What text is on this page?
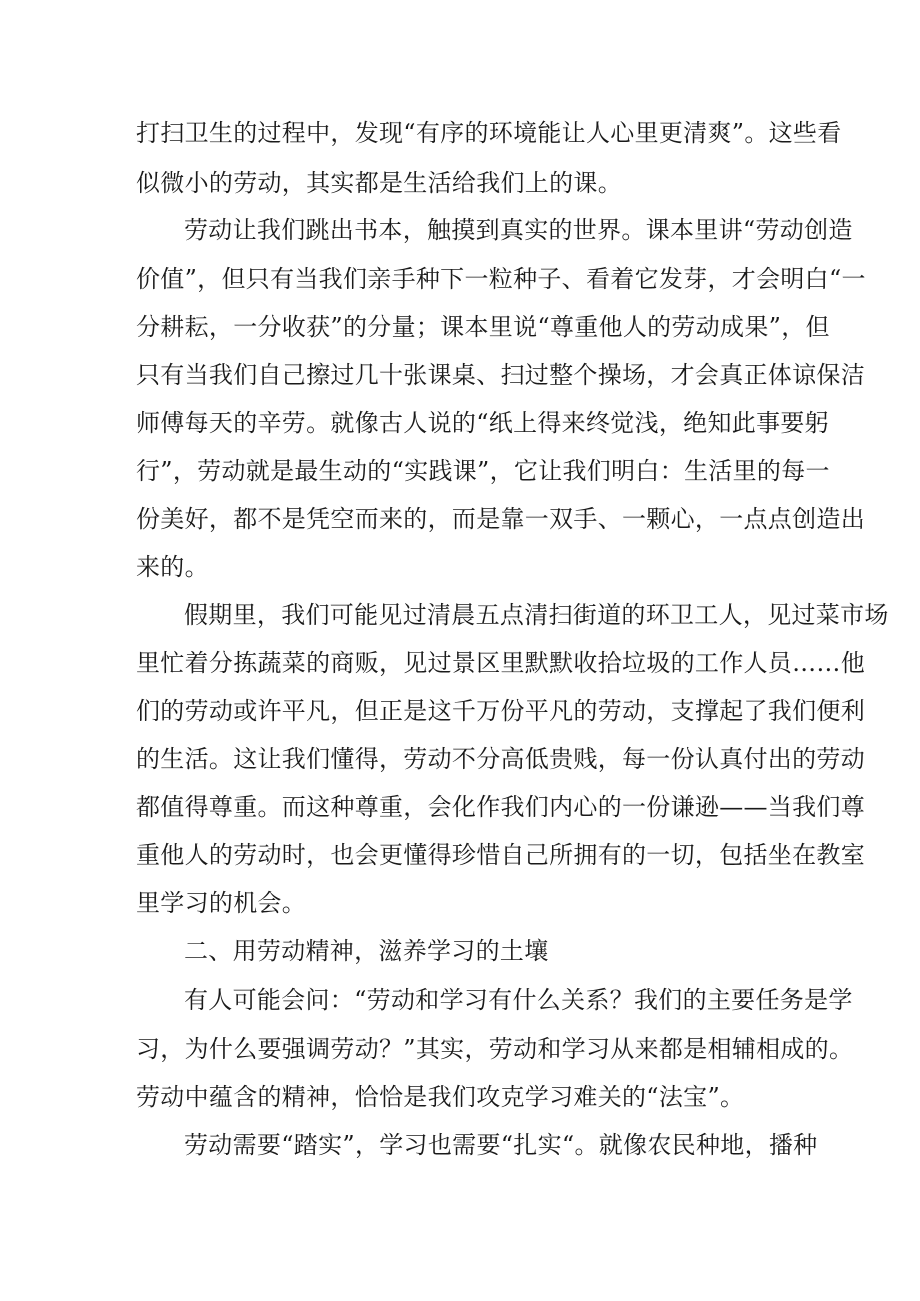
打扫卫生的过程中，发现“有序的环境能让人心里更清爽”。这些看
似微小的劳动，其实都是生活给我们上的课。
劳动让我们跳出书本，触摸到真实的世界。课本里讲“劳动创造
价值”，但只有当我们亲手种下一粒种子、看着它发芽，才会明白“一
分耕耘，一分收获”的分量；课本里说“尊重他人的劳动成果”，但
只有当我们自己擦过几十张课桌、扫过整个操场，才会真正体谅保洁
师傅每天的辛劳。就像古人说的“纸上得来终觉浅，绝知此事要躬
行”，劳动就是最生动的“实践课”，它让我们明白：生活里的每一
份美好，都不是凭空而来的，而是靠一双手、一颗心，一点点创造出
来的。
假期里，我们可能见过清晨五点清扫街道的环卫工人，见过菜市场
里忙着分拣蔬菜的商贩，见过景区里默默收拾垃圾的工作人员……他
们的劳动或许平凡，但正是这千万份平凡的劳动，支撑起了我们便利
的生活。这让我们懂得，劳动不分高低贵贱，每一份认真付出的劳动
都值得尊重。而这种尊重，会化作我们内心的一份谦逊——当我们尊
重他人的劳动时，也会更懂得珍惜自己所拥有的一切，包括坐在教室
里学习的机会。
二、用劳动精神，滋养学习的土壤
有人可能会问：“劳动和学习有什么关系？我们的主要任务是学
习，为什么要强调劳动？”其实，劳动和学习从来都是相辅相成的。
劳动中蕴含的精神，恰恰是我们攻克学习难关的“法宝”。
劳动需要“踏实”，学习也需要“扎实“。就像农民种地，播种
